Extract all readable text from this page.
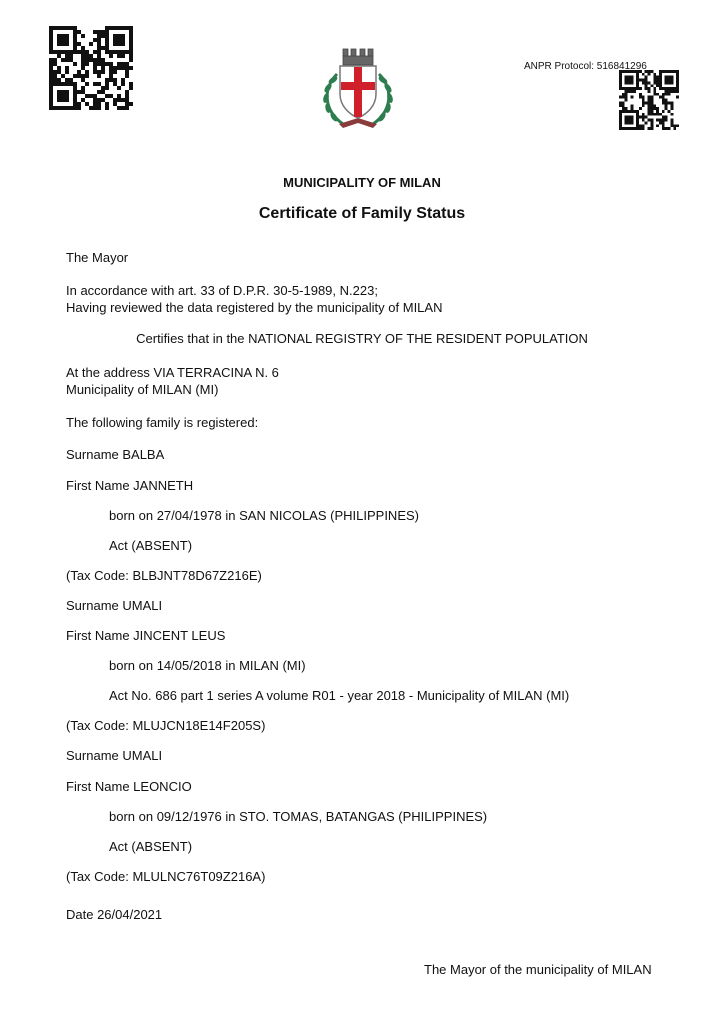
ANPR Protocol: 516841296
MUNICIPALITY OF MILAN
Certificate of Family Status
The Mayor
In accordance with art. 33 of D.P.R. 30-5-1989, N.223;
Having reviewed the data registered by the municipality of MILAN
Certifies that in the NATIONAL REGISTRY OF THE RESIDENT POPULATION
At the address VIA TERRACINA N. 6
Municipality of MILAN (MI)
The following family is registered:
Surname BALBA
First Name JANNETH
born on 27/04/1978 in SAN NICOLAS (PHILIPPINES)
Act (ABSENT)
(Tax Code: BLBJNT78D67Z216E)
Surname UMALI
First Name JINCENT LEUS
born on 14/05/2018 in MILAN (MI)
Act No. 686 part 1 series A volume R01 - year 2018 - Municipality of MILAN (MI)
(Tax Code: MLUJCN18E14F205S)
Surname UMALI
First Name LEONCIO
born on 09/12/1976 in STO. TOMAS, BATANGAS (PHILIPPINES)
Act (ABSENT)
(Tax Code: MLULNC76T09Z216A)
Date 26/04/2021
The Mayor of the municipality of MILAN
